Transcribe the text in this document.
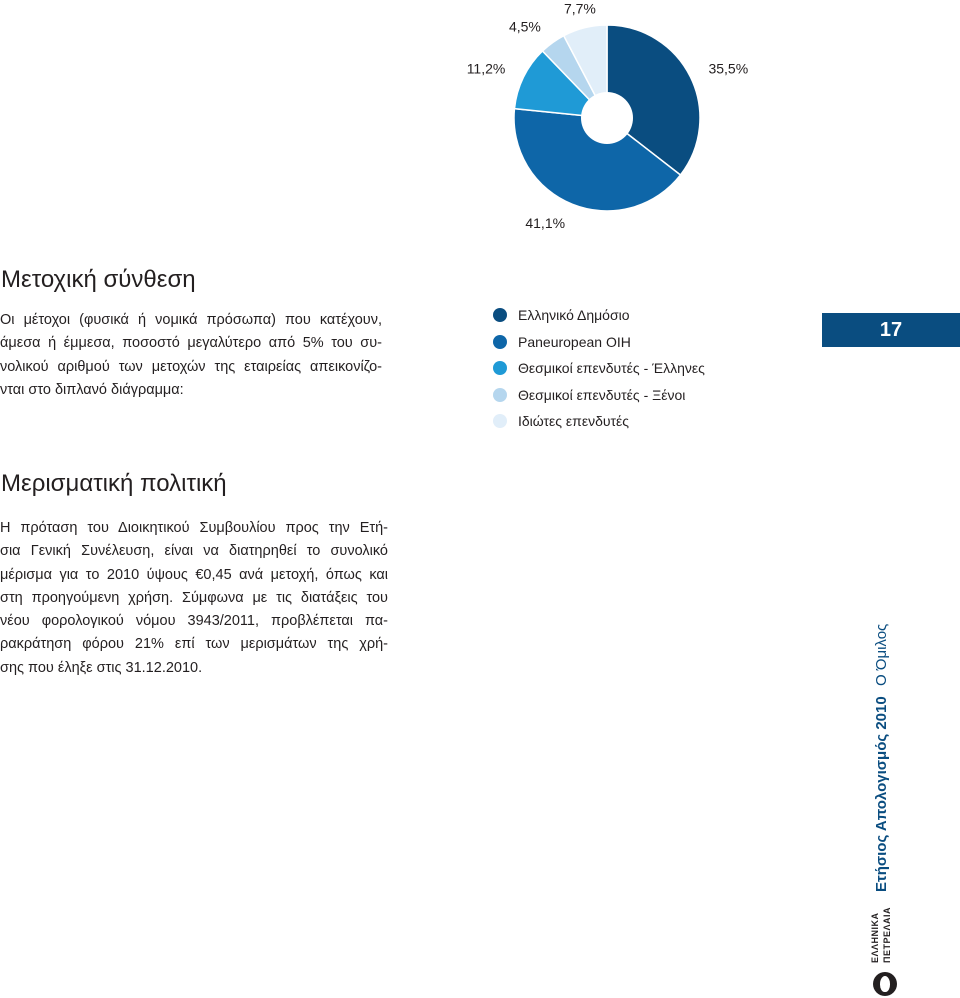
35,5%
41,1%
11,2%
4,5%
7,7%
Μετοχική σύνθεση
Οι μέτοχοι (φυσικά ή νομικά πρόσωπα) που κατέχουν,
άμεσα ή έμμεσα, ποσοστό μεγαλύτερο από 5% του συ-
νολικού αριθμού των μετοχών της εταιρείας απεικονίζο-
νται στο διπλανό διάγραμμα:
Ελληνικό Δημόσιο
Paneuropean OIH
Θεσμικοί επενδυτές - Έλληνες
Θεσμικοί επενδυτές - Ξένοι
Ιδιώτες επενδυτές
17
Μερισματική πολιτική
Η πρόταση του Διοικητικού Συμβουλίου προς την Ετή-
σια Γενική Συνέλευση, είναι να διατηρηθεί το συνολικό
μέρισμα για το 2010 ύψους €0,45 ανά μετοχή, όπως και
στη προηγούμενη χρήση. Σύμφωνα με τις διατάξεις του
νέου φορολογικού νόμου 3943/2011, προβλέπεται πα-
ρακράτηση φόρου 21% επί των μερισμάτων της χρή-
σης που έληξε στις 31.12.2010.	Ο Όμιλος
Ετήσιος Απολογισμός 2010
ΕΛΛΗΝΙΚΑ ΠΕΤΡΕΛΑΙΑ
